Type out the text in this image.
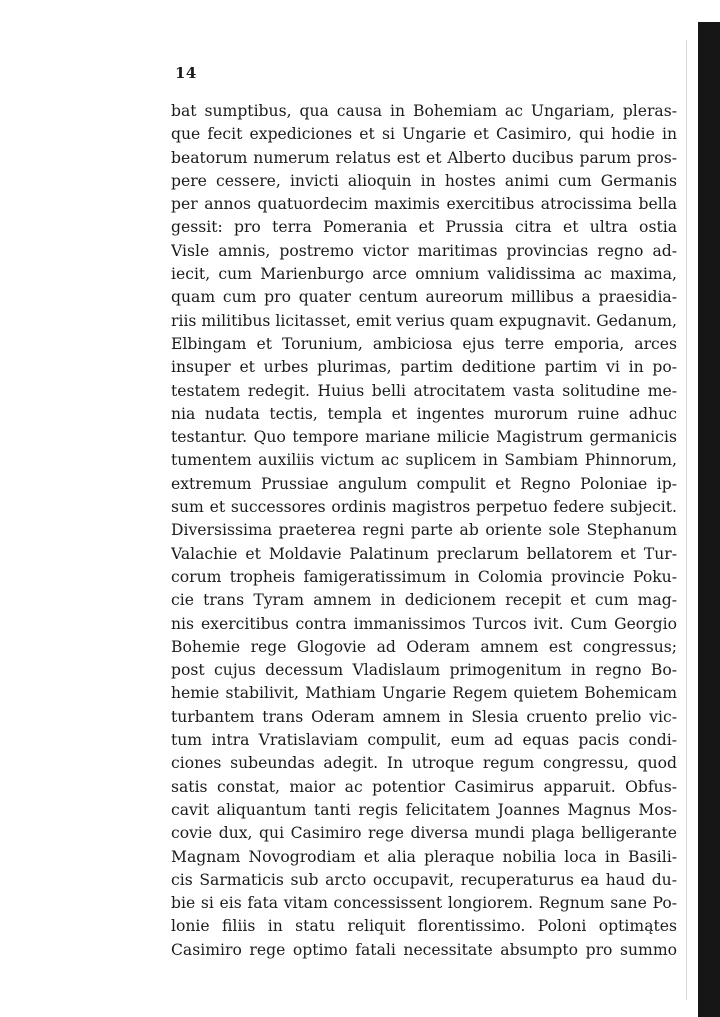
14
bat sumptibus, qua causa in Bohemiam ac Ungariam, pleras-
que fecit expediciones et si Ungarie et Casimiro, qui hodie in
beatorum numerum relatus est et Alberto ducibus parum pros-
pere cessere, invicti alioquin in hostes animi cum Germanis
per annos quatuordecim maximis exercitibus atrocissima bella
gessit: pro terra Pomerania et Prussia citra et ultra ostia
Visle amnis, postremo victor maritimas provincias regno ad-
iecit, cum Marienburgo arce omnium validissima ac maxima,
quam cum pro quater centum aureorum millibus a praesidia-
riis militibus licitasset, emit verius quam expugnavit. Gedanum,
Elbingam et Torunium, ambiciosa ejus terre emporia, arces
insuper et urbes plurimas, partim deditione partim vi in po-
testatem redegit. Huius belli atrocitatem vasta solitudine me-
nia nudata tectis, templa et ingentes murorum ruine adhuc
testantur. Quo tempore mariane milicie Magistrum germanicis
tumentem auxiliis victum ac suplicem in Sambiam Phinnorum,
extremum Prussiae angulum compulit et Regno Poloniae ip-
sum et successores ordinis magistros perpetuo federe subjecit.
Diversissima praeterea regni parte ab oriente sole Stephanum
Valachie et Moldavie Palatinum preclarum bellatorem et Tur-
corum tropheis famigeratissimum in Colomia provincie Poku-
cie trans Tyram amnem in dedicionem recepit et cum mag-
nis exercitibus contra immanissimos Turcos ivit. Cum Georgio
Bohemie rege Glogovie ad Oderam amnem est congressus;
post cujus decessum Vladislaum primogenitum in regno Bo-
hemie stabilivit, Mathiam Ungarie Regem quietem Bohemicam
turbantem trans Oderam amnem in Slesia cruento prelio vic-
tum intra Vratislaviam compulit, eum ad equas pacis condi-
ciones subeundas adegit. In utroque regum congressu, quod
satis constat, maior ac potentior Casimirus apparuit. Obfus-
cavit aliquantum tanti regis felicitatem Joannes Magnus Mos-
covie dux, qui Casimiro rege diversa mundi plaga belligerante
Magnam Novogrodiam et alia pleraque nobilia loca in Basili-
cis Sarmaticis sub arcto occupavit, recuperaturus ea haud du-
bie si eis fata vitam concessissent longiorem. Regnum sane Po-
lonie filiis in statu reliquit florentissimo. Poloni optimątes
Casimiro rege optimo fatali necessitate absumpto pro summo
